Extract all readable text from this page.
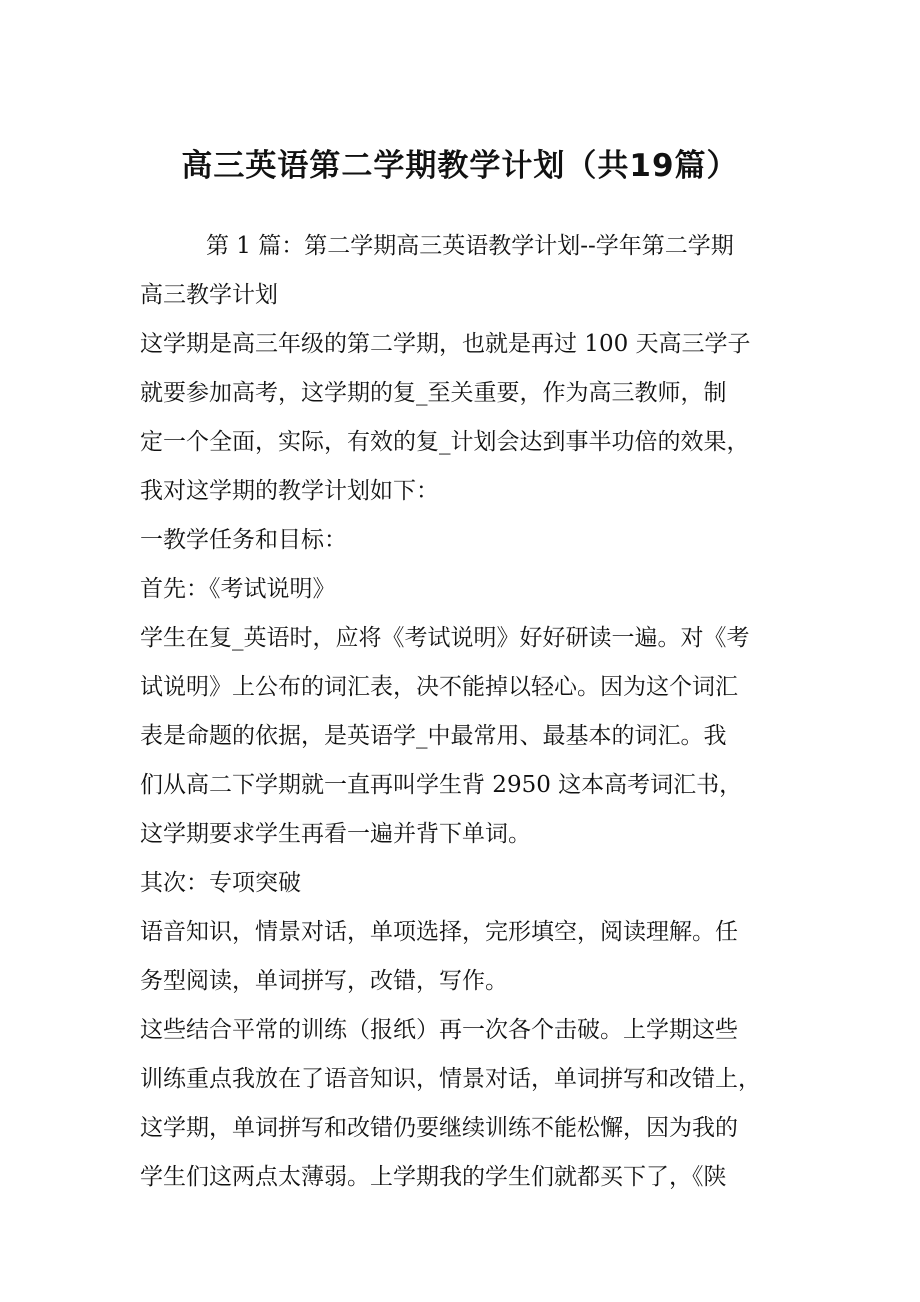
高三英语第二学期教学计划（共19篇）
第 1 篇：第二学期高三英语教学计划--学年第二学期
高三教学计划
这学期是高三年级的第二学期，也就是再过 100 天高三学子
就要参加高考，这学期的复_至关重要，作为高三教师，制
定一个全面，实际，有效的复_计划会达到事半功倍的效果，
我对这学期的教学计划如下：
一教学任务和目标：
首先：《考试说明》
学生在复_英语时，应将《考试说明》好好研读一遍。对《考
试说明》上公布的词汇表，决不能掉以轻心。因为这个词汇
表是命题的依据，是英语学_中最常用、最基本的词汇。我
们从高二下学期就一直再叫学生背 2950 这本高考词汇书，
这学期要求学生再看一遍并背下单词。
其次：专项突破
语音知识，情景对话，单项选择，完形填空，阅读理解。任
务型阅读，单词拼写，改错，写作。
这些结合平常的训练（报纸）再一次各个击破。上学期这些
训练重点我放在了语音知识，情景对话，单词拼写和改错上，
这学期，单词拼写和改错仍要继续训练不能松懈，因为我的
学生们这两点太薄弱。上学期我的学生们就都买下了，《陕
